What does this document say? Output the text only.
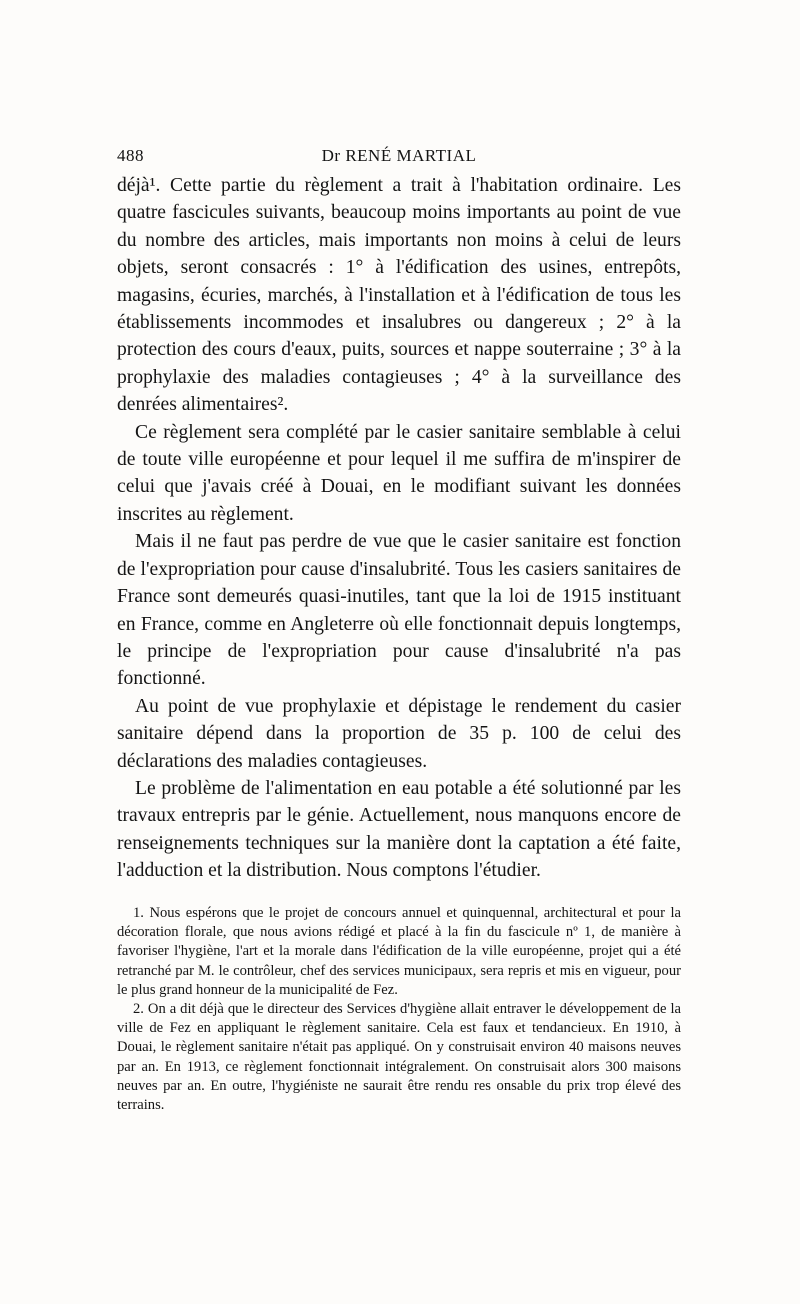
488	Dr RENÉ MARTIAL

déjà¹. Cette partie du règlement a trait à l'habitation ordinaire. Les quatre fascicules suivants, beaucoup moins importants au point de vue du nombre des articles, mais importants non moins à celui de leurs objets, seront consacrés : 1° à l'édification des usines, entrepôts, magasins, écuries, marchés, à l'installation et à l'édification de tous les établissements incommodes et insalubres ou dangereux ; 2° à la protection des cours d'eaux, puits, sources et nappe souterraine ; 3° à la prophylaxie des maladies contagieuses ; 4° à la surveillance des denrées alimentaires².

Ce règlement sera complété par le casier sanitaire semblable à celui de toute ville européenne et pour lequel il me suffira de m'inspirer de celui que j'avais créé à Douai, en le modifiant suivant les données inscrites au règlement.

Mais il ne faut pas perdre de vue que le casier sanitaire est fonction de l'expropriation pour cause d'insalubrité. Tous les casiers sanitaires de France sont demeurés quasi-inutiles, tant que la loi de 1915 instituant en France, comme en Angleterre où elle fonctionnait depuis longtemps, le principe de l'expropriation pour cause d'insalubrité n'a pas fonctionné.

Au point de vue prophylaxie et dépistage le rendement du casier sanitaire dépend dans la proportion de 35 p. 100 de celui des déclarations des maladies contagieuses.

Le problème de l'alimentation en eau potable a été solutionné par les travaux entrepris par le génie. Actuellement, nous manquons encore de renseignements techniques sur la manière dont la captation a été faite, l'adduction et la distribution. Nous comptons l'étudier.

1. Nous espérons que le projet de concours annuel et quinquennal, architectural et pour la décoration florale, que nous avions rédigé et placé à la fin du fascicule nº 1, de manière à favoriser l'hygiène, l'art et la morale dans l'édification de la ville européenne, projet qui a été retranché par M. le contrôleur, chef des services municipaux, sera repris et mis en vigueur, pour le plus grand honneur de la municipalité de Fez.

2. On a dit déjà que le directeur des Services d'hygiène allait entraver le développement de la ville de Fez en appliquant le règlement sanitaire. Cela est faux et tendancieux. En 1910, à Douai, le règlement sanitaire n'était pas appliqué. On y construisait environ 40 maisons neuves par an. En 1913, ce règlement fonctionnait intégralement. On construisait alors 300 maisons neuves par an. En outre, l'hygiéniste ne saurait être rendu res onsable du prix trop élevé des terrains.
